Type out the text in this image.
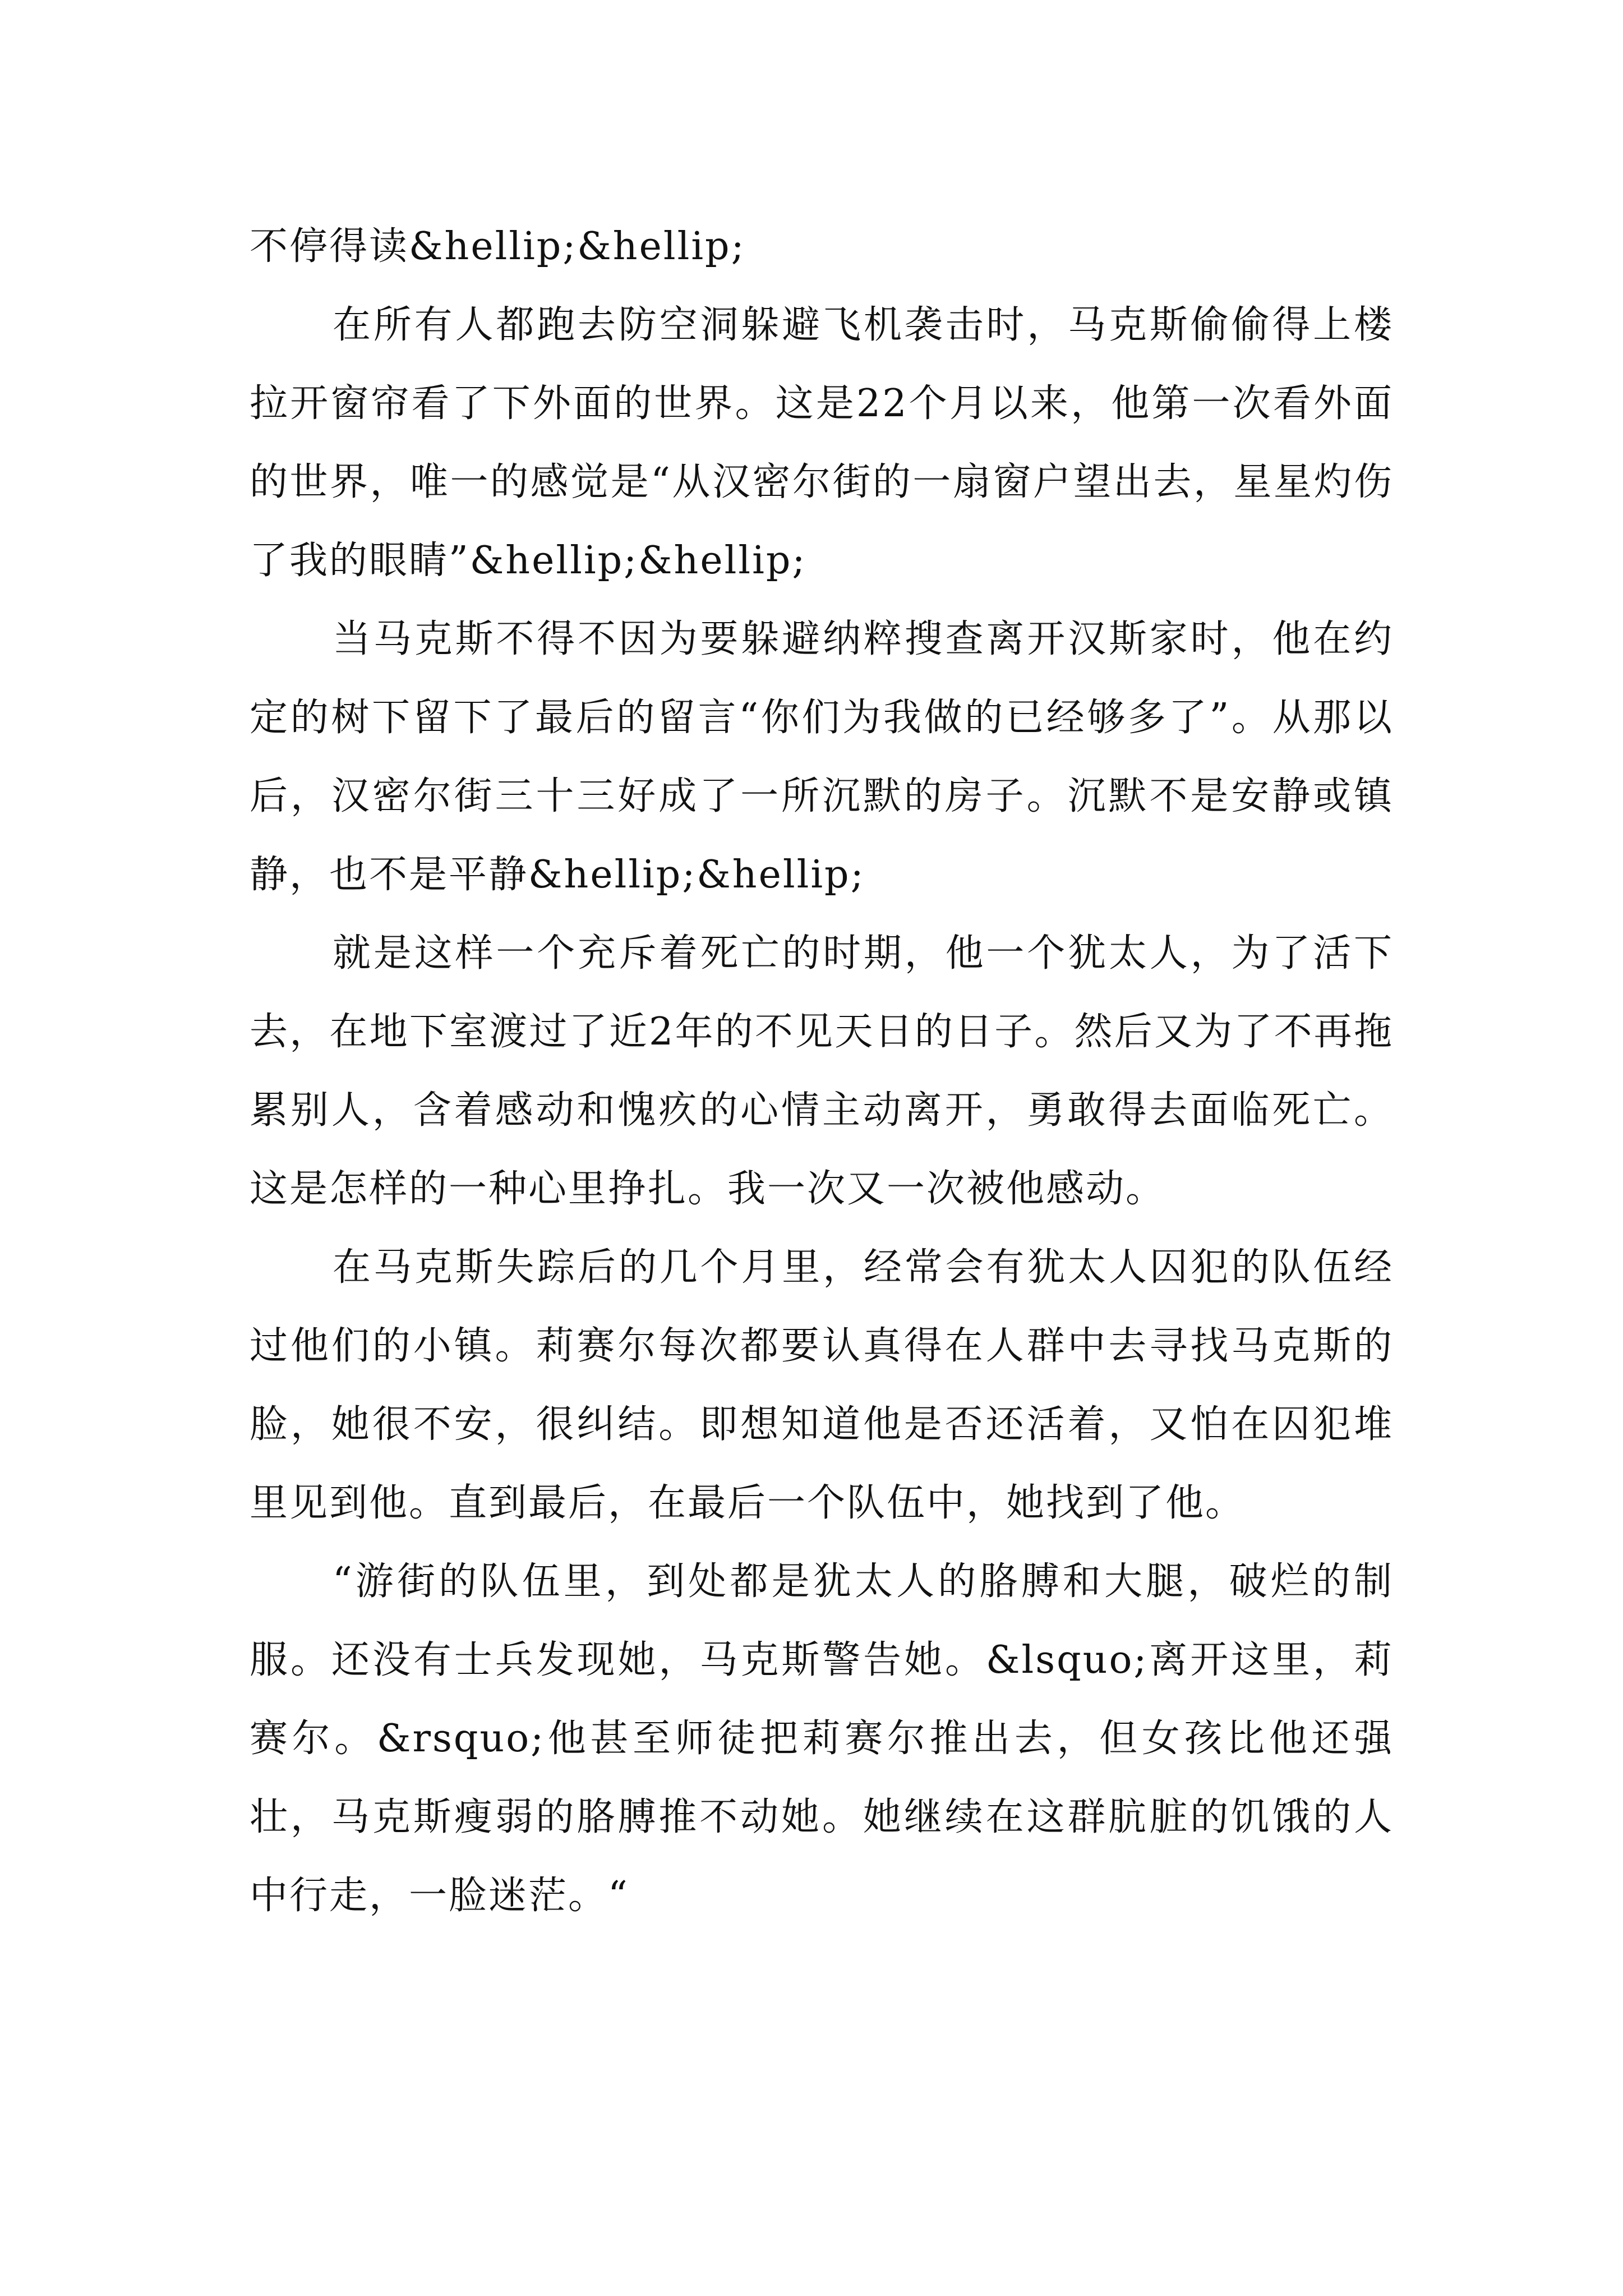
不停得读&hellip;&hellip;

在所有人都跑去防空洞躲避飞机袭击时，马克斯偷偷得上楼拉开窗帘看了下外面的世界。这是22个月以来，他第一次看外面的世界，唯一的感觉是“从汉密尔街的一扇窗户望出去，星星灼伤了我的眼睛”&hellip;&hellip;

当马克斯不得不因为要躲避纳粹搜查离开汉斯家时，他在约定的树下留下了最后的留言“你们为我做的已经够多了”。从那以后，汉密尔街三十三好成了一所沉默的房子。沉默不是安静或镇静，也不是平静&hellip;&hellip;

就是这样一个充斥着死亡的时期，他一个犹太人，为了活下去，在地下室渡过了近2年的不见天日的日子。然后又为了不再拖累别人，含着感动和愧疚的心情主动离开，勇敢得去面临死亡。这是怎样的一种心里挣扎。我一次又一次被他感动。

在马克斯失踪后的几个月里，经常会有犹太人囚犯的队伍经过他们的小镇。莉赛尔每次都要认真得在人群中去寻找马克斯的脸，她很不安，很纠结。即想知道他是否还活着，又怕在囚犯堆里见到他。直到最后，在最后一个队伍中，她找到了他。

“游街的队伍里，到处都是犹太人的胳膊和大腿，破烂的制服。还没有士兵发现她，马克斯警告她。&lsquo;离开这里，莉赛尔。&rsquo;他甚至师徒把莉赛尔推出去，但女孩比他还强壮，马克斯瘦弱的胳膊推不动她。她继续在这群肮脏的饥饿的人中行走，一脸迷茫。“
